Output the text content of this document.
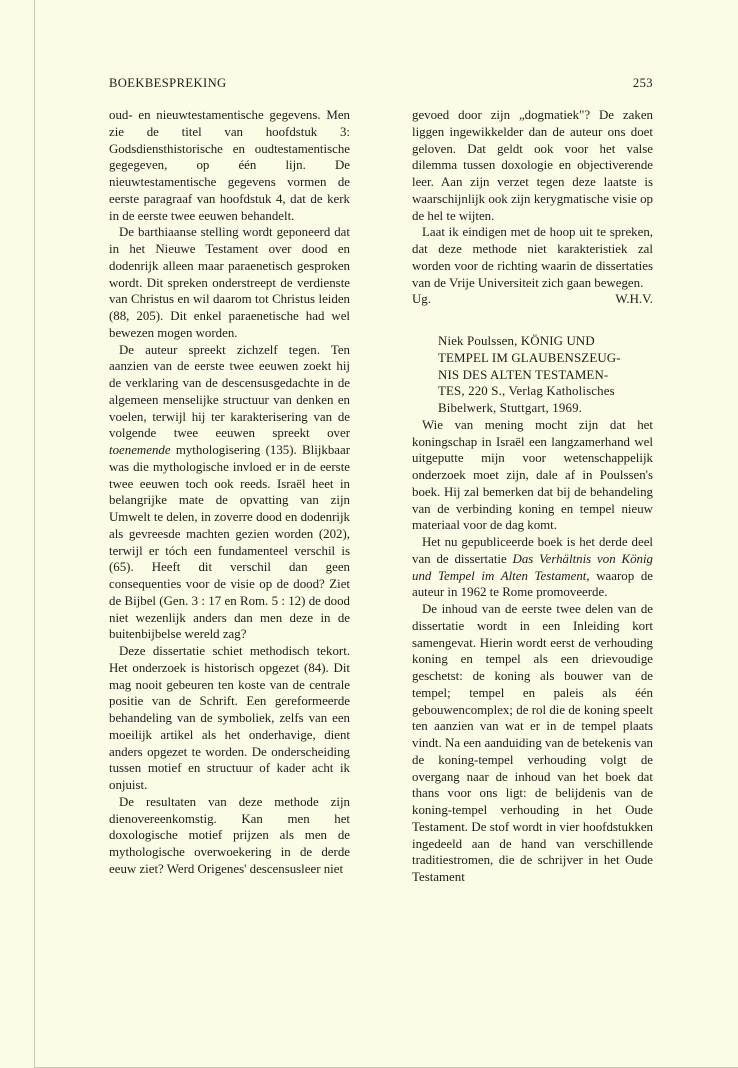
BOEKBESPREKING	253

oud- en nieuwtestamentische gegevens. Men zie de titel van hoofdstuk 3: Godsdiensthistorische en oudtestamentische gegegeven, op één lijn. De nieuwtestamentische gegevens vormen de eerste paragraaf van hoofdstuk 4, dat de kerk in de eerste twee eeuwen behandelt.

De barthiaanse stelling wordt geponeerd dat in het Nieuwe Testament over dood en dodenrijk alleen maar paraenetisch gesproken wordt. Dit spreken onderstreept de verdienste van Christus en wil daarom tot Christus leiden (88, 205). Dit enkel paraenetische had wel bewezen mogen worden.

De auteur spreekt zichzelf tegen. Ten aanzien van de eerste twee eeuwen zoekt hij de verklaring van de descensusgedachte in de algemeen menselijke structuur van denken en voelen, terwijl hij ter karakterisering van de volgende twee eeuwen spreekt over toenemende mythologisering (135). Blijkbaar was die mythologische invloed er in de eerste twee eeuwen toch ook reeds. Israël heet in belangrijke mate de opvatting van zijn Umwelt te delen, in zoverre dood en dodenrijk als gevreesde machten gezien worden (202), terwijl er tóch een fundamenteel verschil is (65). Heeft dit verschil dan geen consequenties voor de visie op de dood? Ziet de Bijbel (Gen. 3 : 17 en Rom. 5 : 12) de dood niet wezenlijk anders dan men deze in de buitenbijbelse wereld zag?

Deze dissertatie schiet methodisch tekort. Het onderzoek is historisch opgezet (84). Dit mag nooit gebeuren ten koste van de centrale positie van de Schrift. Een gereformeerde behandeling van de symboliek, zelfs van een moeilijk artikel als het onderhavige, dient anders opgezet te worden. De onderscheiding tussen motief en structuur of kader acht ik onjuist.

De resultaten van deze methode zijn dienovereenkomstig. Kan men het doxologische motief prijzen als men de mythologische overwoekering in de derde eeuw ziet? Werd Origenes' descensusleer niet

gevoed door zijn „dogmatiek"? De zaken liggen ingewikkelder dan de auteur ons doet geloven. Dat geldt ook voor het valse dilemma tussen doxologie en objectiverende leer. Aan zijn verzet tegen deze laatste is waarschijnlijk ook zijn kerygmatische visie op de hel te wijten.

Laat ik eindigen met de hoop uit te spreken, dat deze methode niet karakteristiek zal worden voor de richting waarin de dissertaties van de Vrije Universiteit zich gaan bewegen.

Ug.	W.H.V.
Niek Poulssen, KÖNIG UND
TEMPEL IM GLAUBENSZEUG-
NIS DES ALTEN TESTAMEN-
TES, 220 S., Verlag Katholisches
Bibelwerk, Stuttgart, 1969.

Wie van mening mocht zijn dat het koningschap in Israël een langzamerhand wel uitgeputte mijn voor wetenschappelijk onderzoek moet zijn, dale af in Poulssen's boek. Hij zal bemerken dat bij de behandeling van de verbinding koning en tempel nieuw materiaal voor de dag komt.

Het nu gepubliceerde boek is het derde deel van de dissertatie Das Verhältnis von König und Tempel im Alten Testament, waarop de auteur in 1962 te Rome promoveerde.

De inhoud van de eerste twee delen van de dissertatie wordt in een Inleiding kort samengevat. Hierin wordt eerst de verhouding koning en tempel als een drievoudige geschetst: de koning als bouwer van de tempel; tempel en paleis als één gebouwencomplex; de rol die de koning speelt ten aanzien van wat er in de tempel plaats vindt. Na een aanduiding van de betekenis van de koning-tempel verhouding volgt de overgang naar de inhoud van het boek dat thans voor ons ligt: de belijdenis van de koning-tempel verhouding in het Oude Testament. De stof wordt in vier hoofdstukken ingedeeld aan de hand van verschillende traditiestromen, die de schrijver in het Oude Testament
